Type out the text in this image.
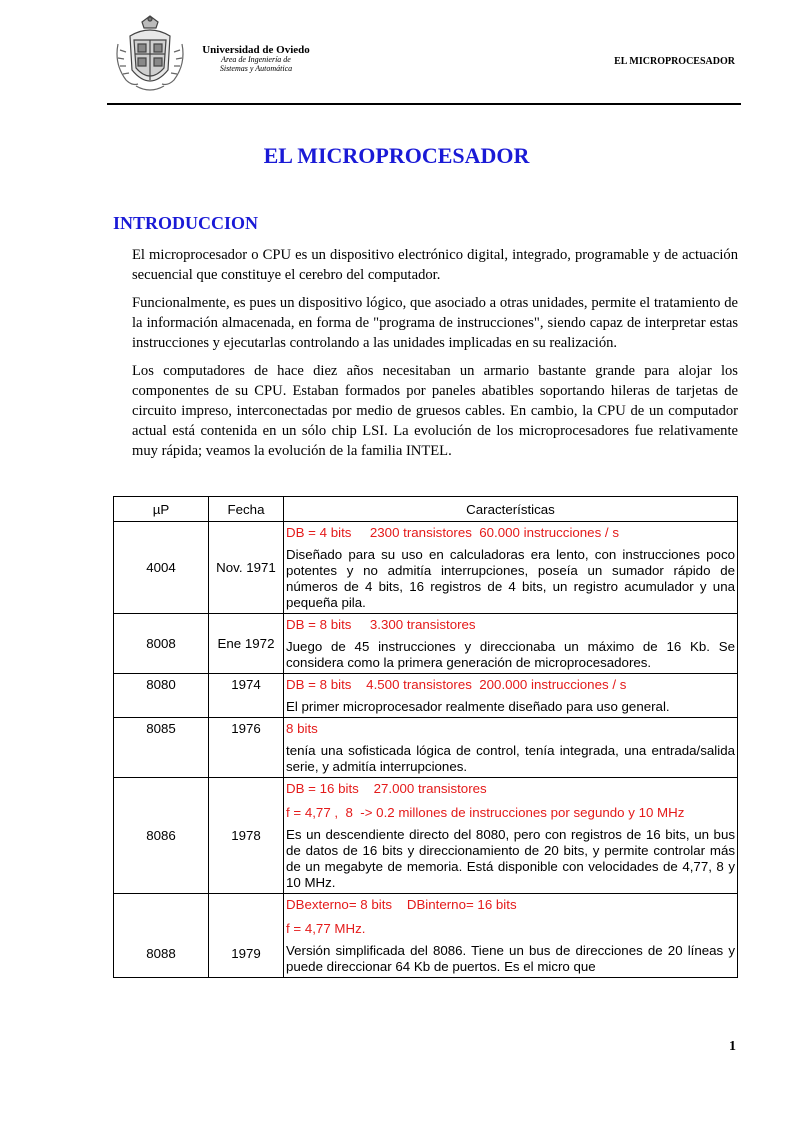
Universidad de Oviedo
Area de Ingeniería de
Sistemas y Automática
EL MICROPROCESADOR
EL MICROPROCESADOR
INTRODUCCION

El microprocesador o CPU es un dispositivo electrónico digital, integrado, programable y de actuación secuencial que constituye el cerebro del computador.

Funcionalmente, es pues un dispositivo lógico, que asociado a otras unidades, permite el tratamiento de la información almacenada, en forma de "programa de instrucciones", siendo capaz de interpretar estas instrucciones y ejecutarlas controlando a las unidades implicadas en su realización.

Los computadores de hace diez años necesitaban un armario bastante grande para alojar los componentes de su CPU. Estaban formados por paneles abatibles soportando hileras de tarjetas de circuito impreso, interconectadas por medio de gruesos cables. En cambio, la CPU de un computador actual está contenida en un sólo chip LSI. La evolución de los microprocesadores fue relativamente muy rápida; veamos la evolución de la familia INTEL.

µP	Fecha	Características
4004	Nov. 1971	DB = 4 bits     2300 transistores  60.000 instrucciones / s
Diseñado para su uso en calculadoras era lento, con instrucciones poco potentes y no admitía interrupciones, poseía un sumador rápido de números de 4 bits, 16 registros de 4 bits, un registro acumulador y una pequeña pila.

8008	Ene 1972	DB = 8 bits     3.300 transistores
Juego de 45 instrucciones y direccionaba un máximo de 16 Kb. Se considera como la primera generación de microprocesadores.

8080	1974	DB = 8 bits    4.500 transistores  200.000 instrucciones / s
El primer microprocesador realmente diseñado para uso general.

8085	1976	8 bits
tenía una sofisticada lógica de control, tenía integrada, una entrada/salida serie, y admitía interrupciones.

8086	1978	DB = 16 bits    27.000 transistores
f = 4,77 ,  8  -> 0.2 millones de instrucciones por segundo y 10 MHz
Es un descendiente directo del 8080, pero con registros de 16 bits, un bus de datos de 16 bits y direccionamiento de 20 bits, y permite controlar más de un megabyte de memoria. Está disponible con velocidades de 4,77, 8 y 10 MHz.

8088	1979	DBexterno= 8 bits    DBinterno= 16 bits
f = 4,77 MHz.
Versión simplificada del 8086. Tiene un bus de direcciones de 20 líneas y puede direccionar 64 Kb de puertos. Es el micro que
1
